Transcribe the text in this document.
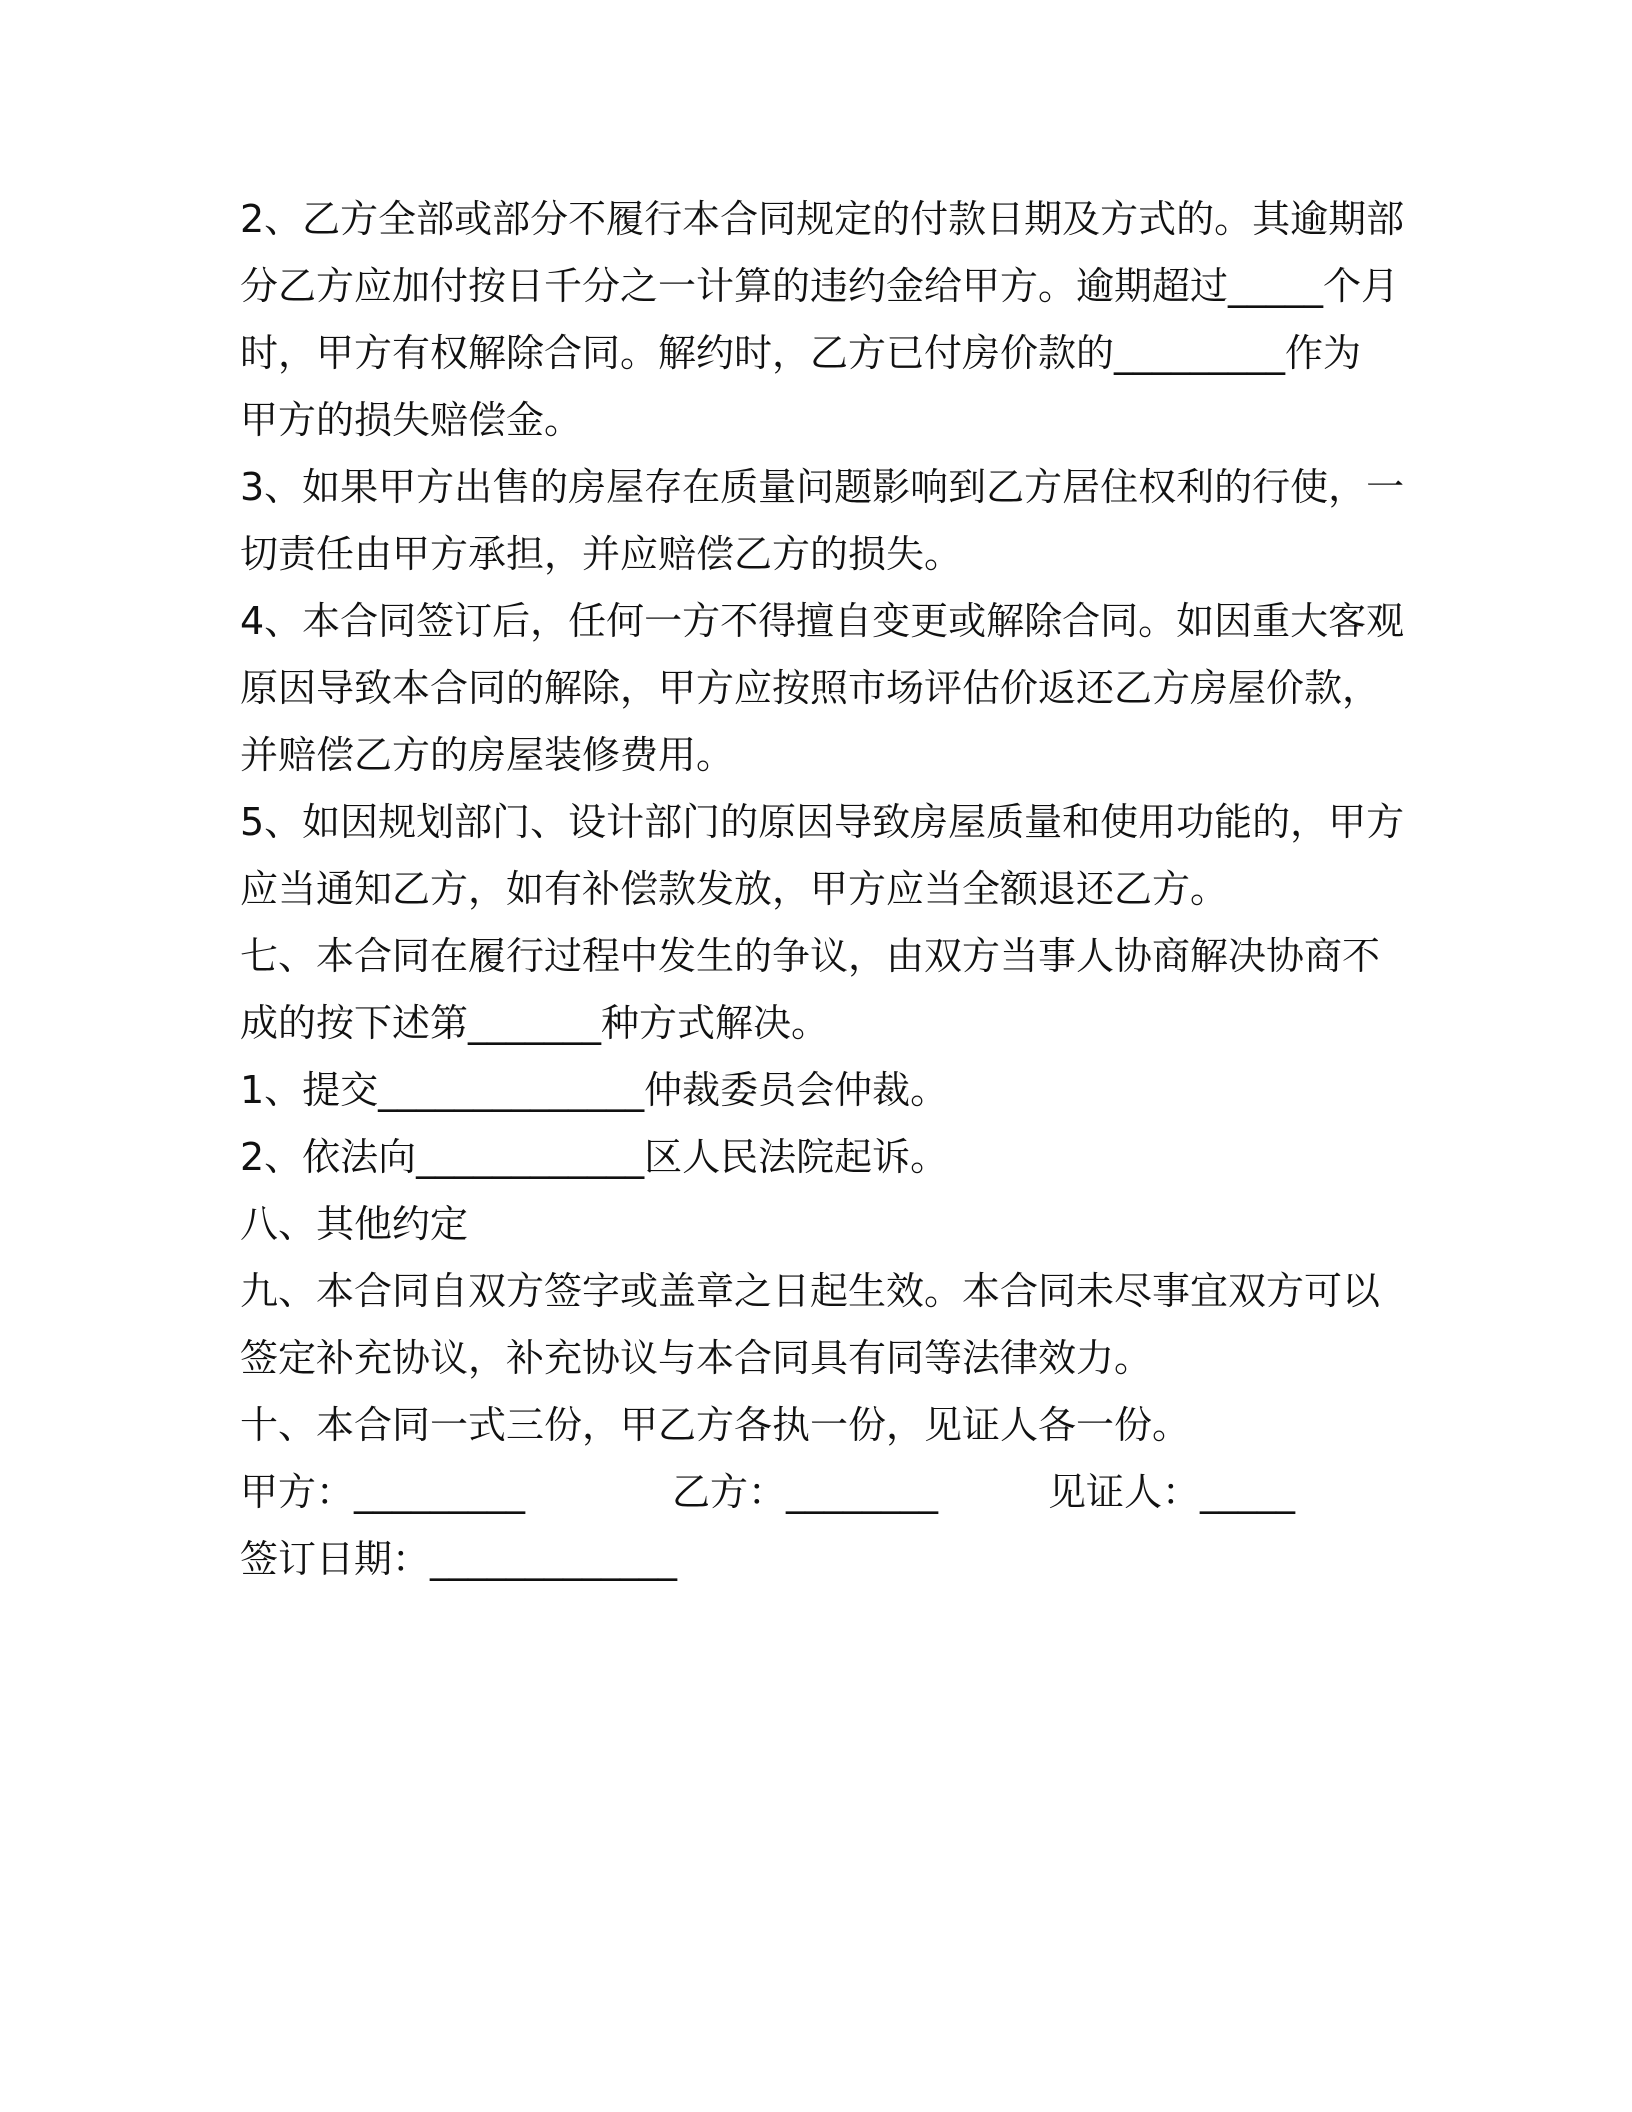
2、乙方全部或部分不履行本合同规定的付款日期及方式的。其逾期部
分乙方应加付按日千分之一计算的违约金给甲方。逾期超过_____个月
时，甲方有权解除合同。解约时，乙方已付房价款的_________作为
甲方的损失赔偿金。
3、如果甲方出售的房屋存在质量问题影响到乙方居住权利的行使，一
切责任由甲方承担，并应赔偿乙方的损失。
4、本合同签订后，任何一方不得擅自变更或解除合同。如因重大客观
原因导致本合同的解除，甲方应按照市场评估价返还乙方房屋价款，
并赔偿乙方的房屋装修费用。
5、如因规划部门、设计部门的原因导致房屋质量和使用功能的，甲方
应当通知乙方，如有补偿款发放，甲方应当全额退还乙方。
七、本合同在履行过程中发生的争议，由双方当事人协商解决协商不
成的按下述第_______种方式解决。
1、提交______________仲裁委员会仲裁。
2、依法向____________区人民法院起诉。
八、其他约定
九、本合同自双方签字或盖章之日起生效。本合同未尽事宜双方可以
签定补充协议，补充协议与本合同具有同等法律效力。
十、本合同一式三份，甲乙方各执一份，见证人各一份。
甲方：_________	乙方：________	见证人：_____
签订日期：_____________
